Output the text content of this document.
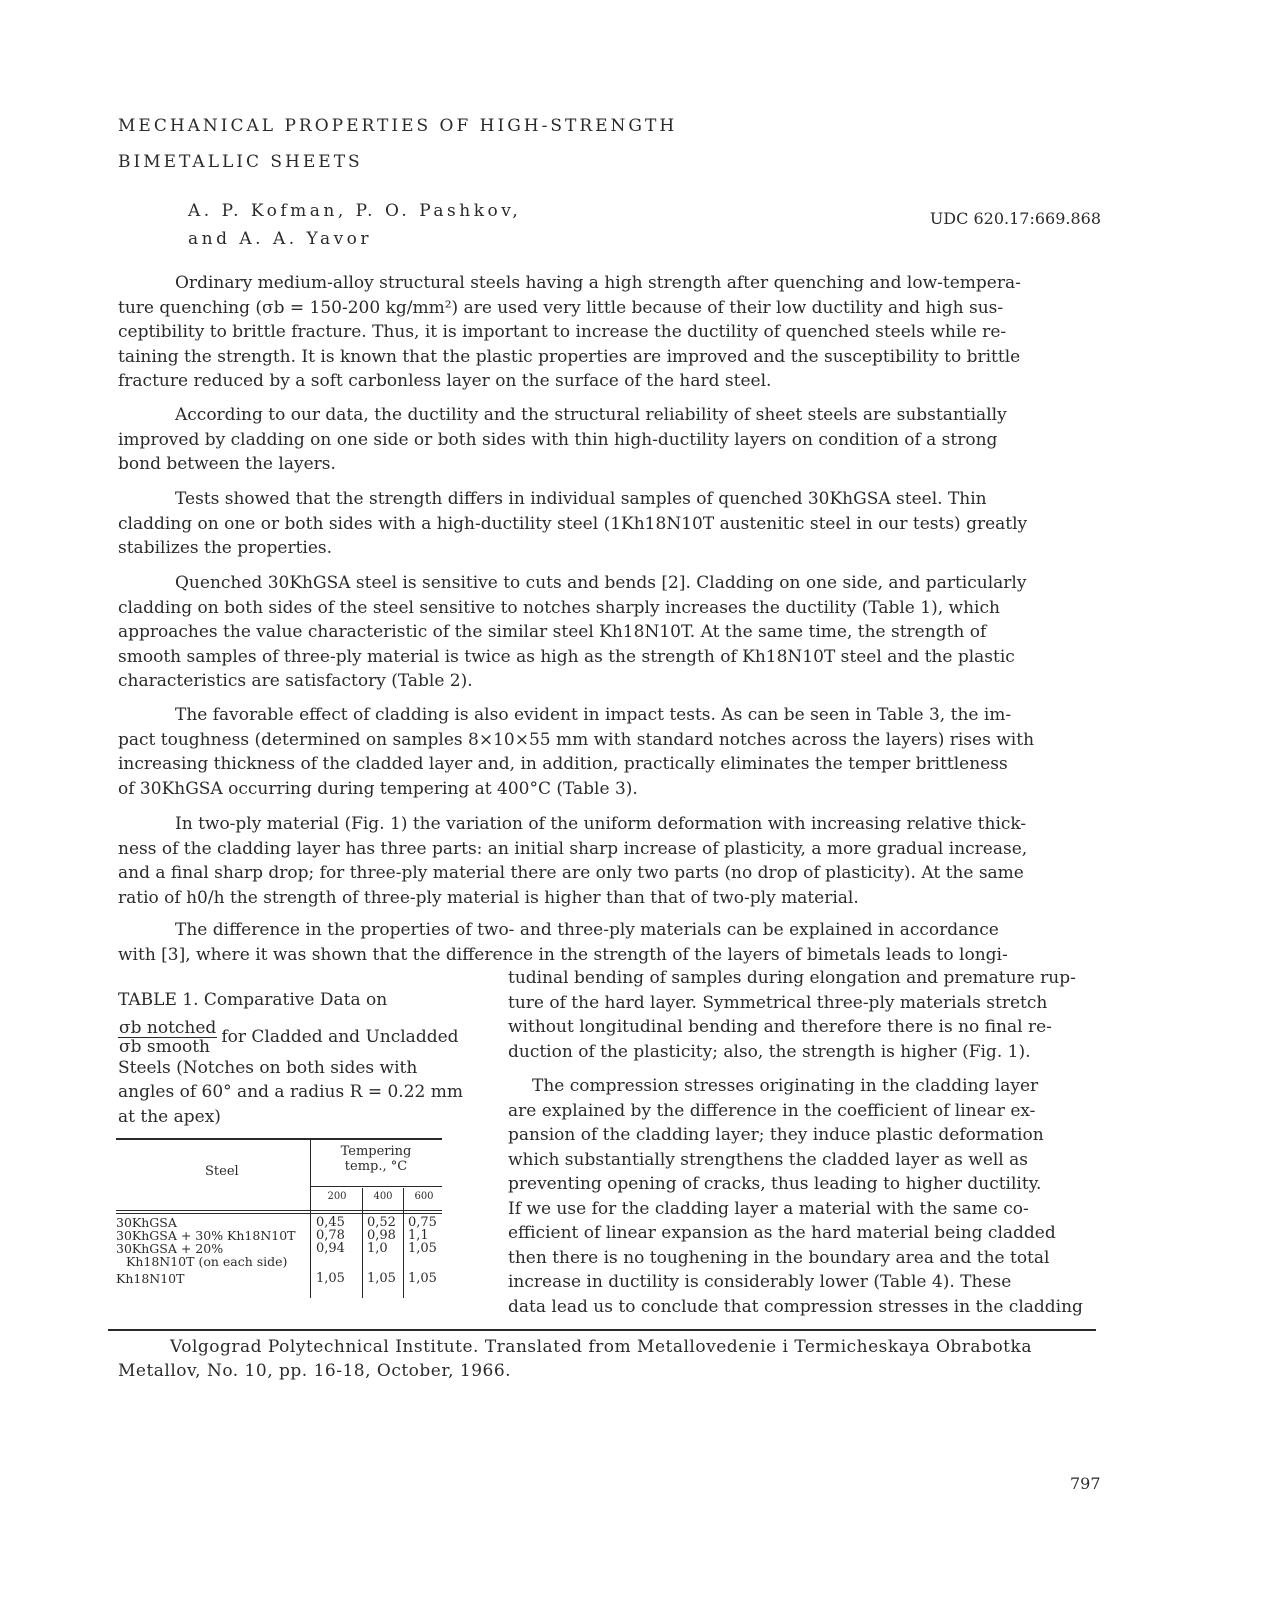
MECHANICAL PROPERTIES OF HIGH-STRENGTH
BIMETALLIC SHEETS
A. P. Kofman, P. O. Pashkov,
and A. A. Yavor
UDC 620.17:669.868
Ordinary medium-alloy structural steels having a high strength after quenching and low-tempera-
ture quenching (σb = 150-200 kg/mm²) are used very little because of their low ductility and high sus-
ceptibility to brittle fracture. Thus, it is important to increase the ductility of quenched steels while re-
taining the strength. It is known that the plastic properties are improved and the susceptibility to brittle
fracture reduced by a soft carbonless layer on the surface of the hard steel.
According to our data, the ductility and the structural reliability of sheet steels are substantially
improved by cladding on one side or both sides with thin high-ductility layers on condition of a strong
bond between the layers.
Tests showed that the strength differs in individual samples of quenched 30KhGSA steel. Thin
cladding on one or both sides with a high-ductility steel (1Kh18N10T austenitic steel in our tests) greatly
stabilizes the properties.
Quenched 30KhGSA steel is sensitive to cuts and bends [2]. Cladding on one side, and particularly
cladding on both sides of the steel sensitive to notches sharply increases the ductility (Table 1), which
approaches the value characteristic of the similar steel Kh18N10T. At the same time, the strength of
smooth samples of three-ply material is twice as high as the strength of Kh18N10T steel and the plastic
characteristics are satisfactory (Table 2).
The favorable effect of cladding is also evident in impact tests. As can be seen in Table 3, the im-
pact toughness (determined on samples 8×10×55 mm with standard notches across the layers) rises with
increasing thickness of the cladded layer and, in addition, practically eliminates the temper brittleness
of 30KhGSA occurring during tempering at 400°C (Table 3).
In two-ply material (Fig. 1) the variation of the uniform deformation with increasing relative thick-
ness of the cladding layer has three parts: an initial sharp increase of plasticity, a more gradual increase,
and a final sharp drop; for three-ply material there are only two parts (no drop of plasticity). At the same
ratio of h0/h the strength of three-ply material is higher than that of two-ply material.
The difference in the properties of two- and three-ply materials can be explained in accordance
with [3], where it was shown that the difference in the strength of the layers of bimetals leads to longi-
tudinal bending of samples during elongation and premature rup-
ture of the hard layer. Symmetrical three-ply materials stretch
without longitudinal bending and therefore there is no final re-
duction of the plasticity; also, the strength is higher (Fig. 1).
The compression stresses originating in the cladding layer
are explained by the difference in the coefficient of linear ex-
pansion of the cladding layer; they induce plastic deformation
which substantially strengthens the cladded layer as well as
preventing opening of cracks, thus leading to higher ductility.
If we use for the cladding layer a material with the same co-
efficient of linear expansion as the hard material being cladded
then there is no toughening in the boundary area and the total
increase in ductility is considerably lower (Table 4). These
data lead us to conclude that compression stresses in the cladding
TABLE 1. Comparative Data on
$\frac{\text{σb notched}}{\text{σb smooth}}$ for Cladded and Uncladded
Steels (Notches on both sides with
angles of 60° and a radius R = 0.22 mm
at the apex)
Steel
Tempering temp., °C
200	400	600
30KhGSA
30KhGSA + 30% Kh18N10T
30KhGSA + 20%
Kh18N10T (on each side)
Kh18N10T
0,45
0,78
0,94
1,05
0,52
0,98
1,0
1,05
0,75
1,1
1,05
1,05
Volgograd Polytechnical Institute. Translated from Metallovedenie i Termicheskaya Obrabotka
Metallov, No. 10, pp. 16-18, October, 1966.
797
